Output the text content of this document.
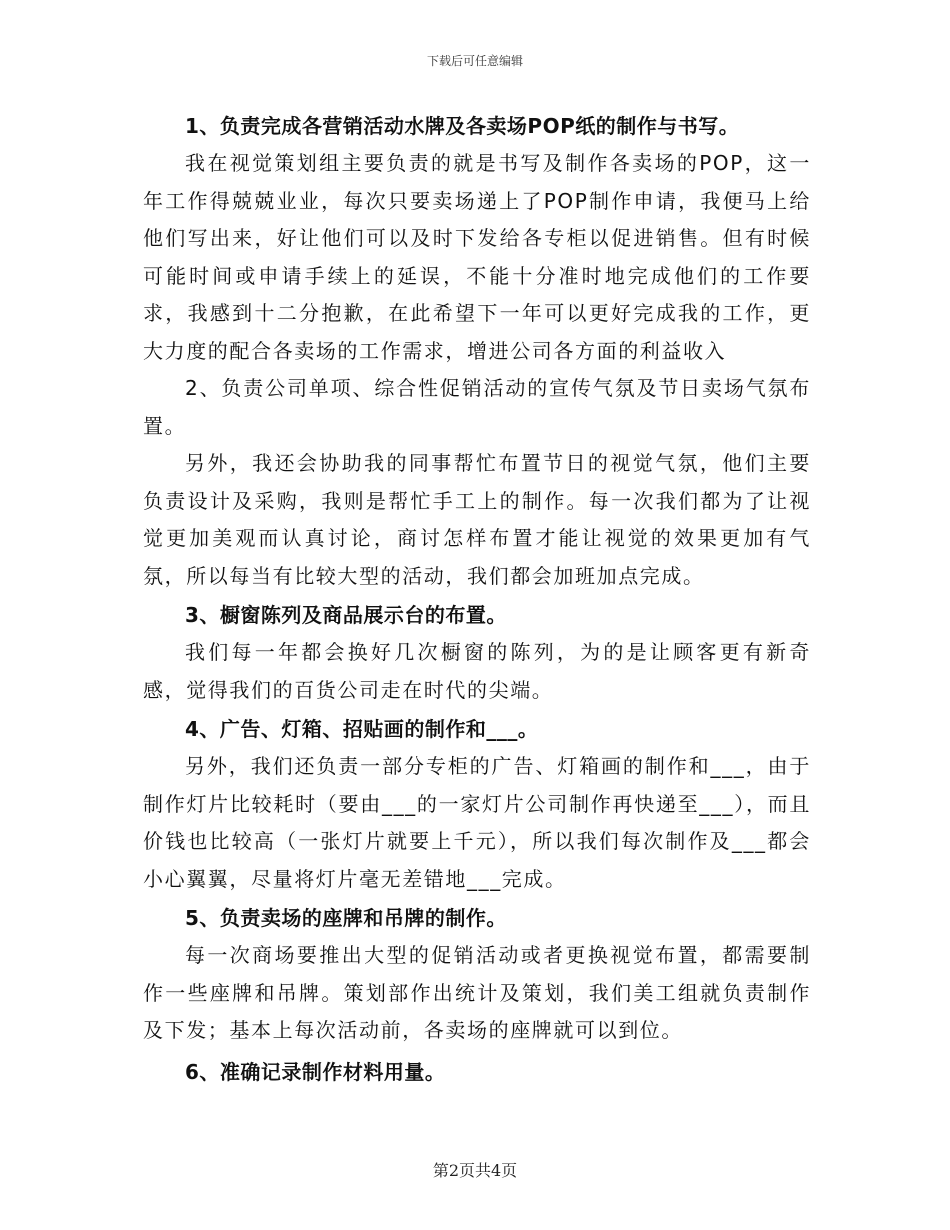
下载后可任意编辑

1、负责完成各营销活动水牌及各卖场POP纸的制作与书写。

我在视觉策划组主要负责的就是书写及制作各卖场的POP，这一年工作得兢兢业业，每次只要卖场递上了POP制作申请，我便马上给他们写出来，好让他们可以及时下发给各专柜以促进销售。但有时候可能时间或申请手续上的延误，不能十分准时地完成他们的工作要求，我感到十二分抱歉，在此希望下一年可以更好完成我的工作，更大力度的配合各卖场的工作需求，增进公司各方面的利益收入

2、负责公司单项、综合性促销活动的宣传气氛及节日卖场气氛布置。

另外，我还会协助我的同事帮忙布置节日的视觉气氛，他们主要负责设计及采购，我则是帮忙手工上的制作。每一次我们都为了让视觉更加美观而认真讨论，商讨怎样布置才能让视觉的效果更加有气氛，所以每当有比较大型的活动，我们都会加班加点完成。

3、橱窗陈列及商品展示台的布置。

我们每一年都会换好几次橱窗的陈列，为的是让顾客更有新奇感，觉得我们的百货公司走在时代的尖端。

4、广告、灯箱、招贴画的制作和___。

另外，我们还负责一部分专柜的广告、灯箱画的制作和___，由于制作灯片比较耗时（要由___的一家灯片公司制作再快递至___），而且价钱也比较高（一张灯片就要上千元），所以我们每次制作及___都会小心翼翼，尽量将灯片毫无差错地___完成。

5、负责卖场的座牌和吊牌的制作。

每一次商场要推出大型的促销活动或者更换视觉布置，都需要制作一些座牌和吊牌。策划部作出统计及策划，我们美工组就负责制作及下发；基本上每次活动前，各卖场的座牌就可以到位。

6、准确记录制作材料用量。

第2页共4页
